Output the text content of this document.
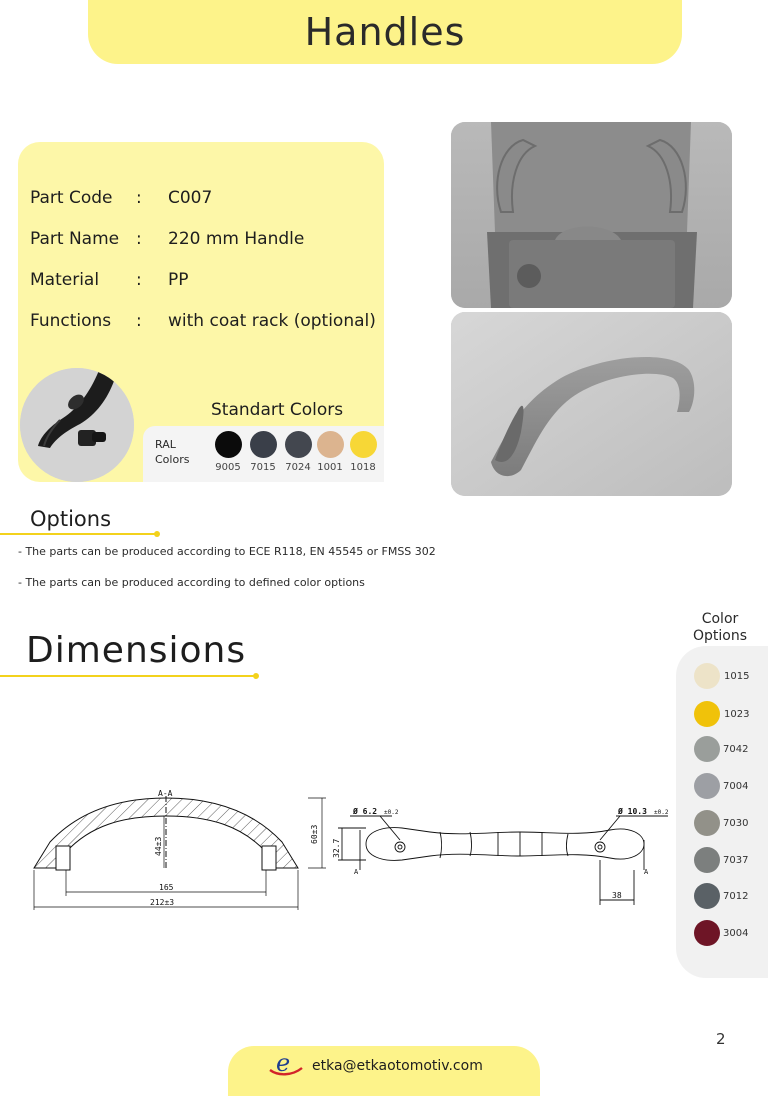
Handles
Part Code : C007
Part Name : 220 mm Handle
Material : PP
Functions : with coat rack (optional)
Standart Colors
RAL
Colors
9005 7015 7024 1001 1018
Options
- The parts can be produced according to ECE R118, EN 45545 or FMSS 302
- The parts can be produced according to defined color options
Dimensions
A-A
165
212±3
44±3
60±3
32.7
Ø 6.2 ±0.2	Ø 10.3 ±0.2
38
A	A
Color
Options
1015
1023
7042
7004
7030
7037
7012
3004
2
e etka@etkaotomotiv.com
